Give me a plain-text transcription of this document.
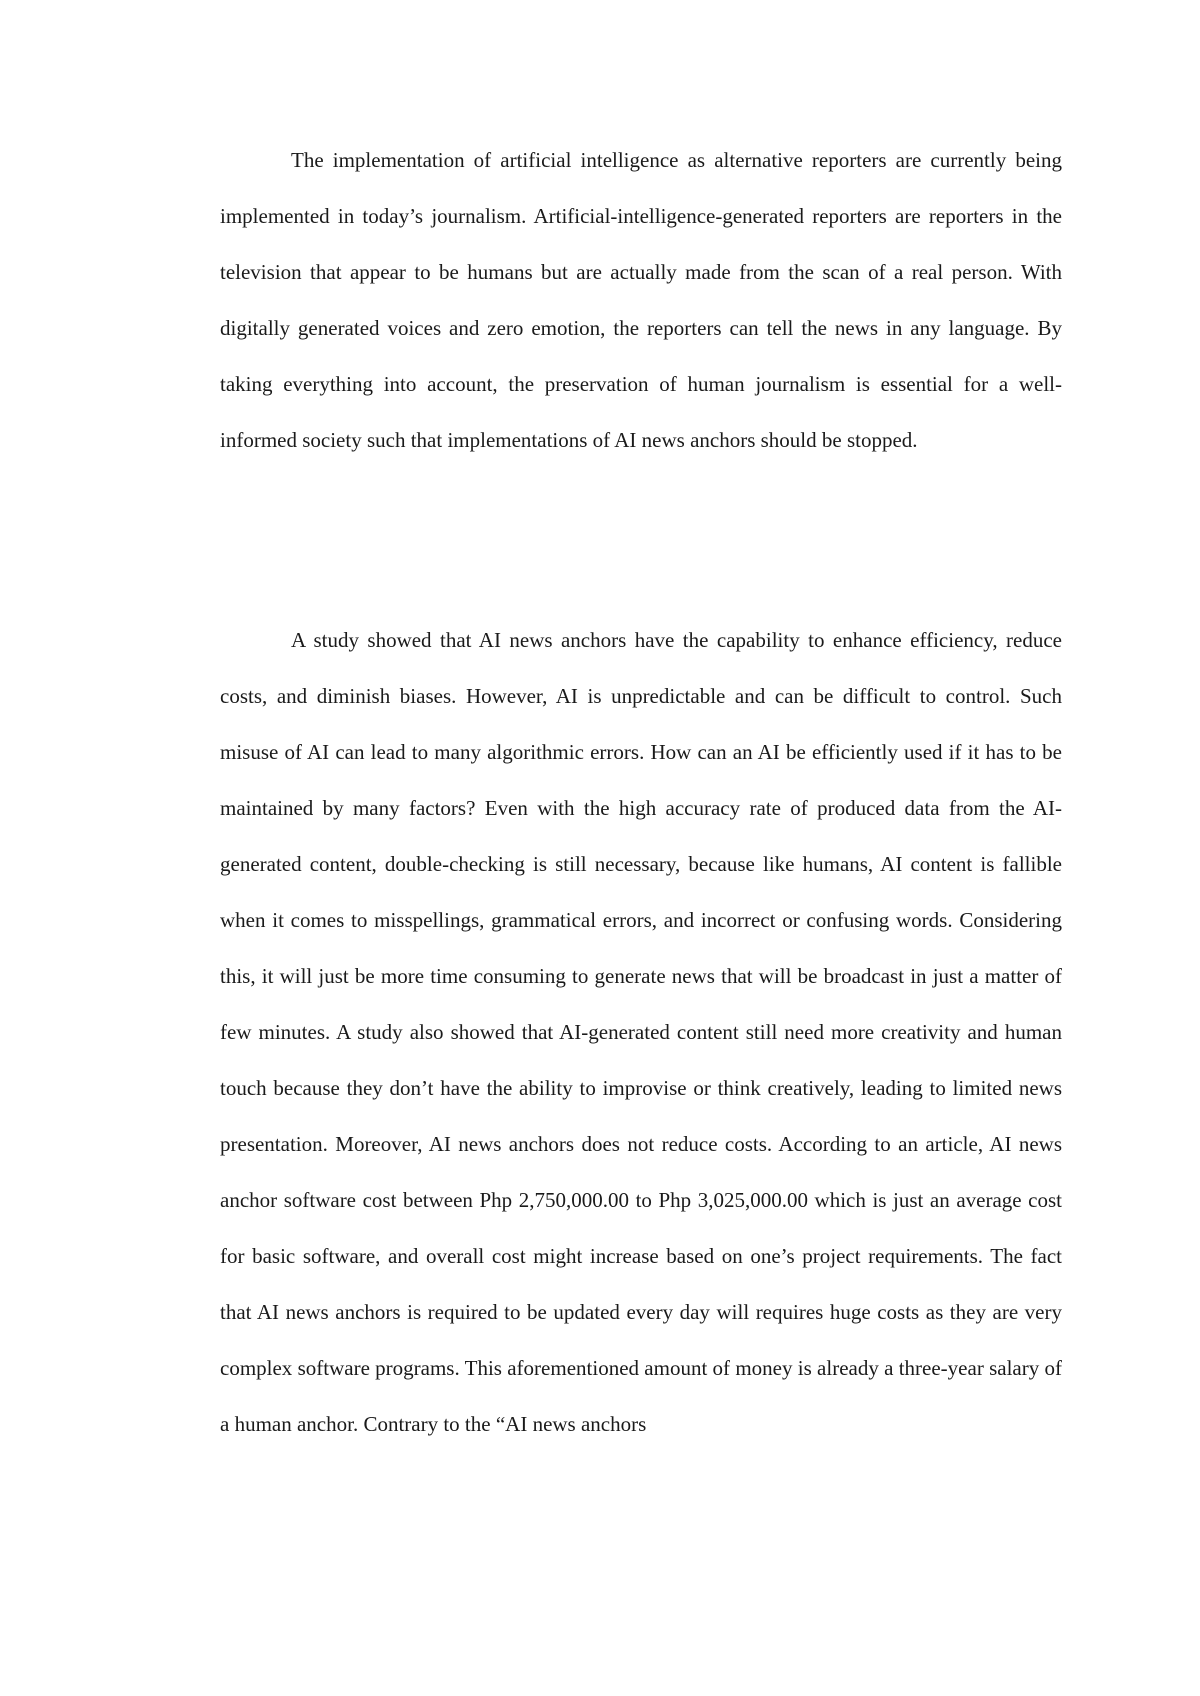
The implementation of artificial intelligence as alternative reporters are currently being implemented in today’s journalism. Artificial-intelligence-generated reporters are reporters in the television that appear to be humans but are actually made from the scan of a real person. With digitally generated voices and zero emotion, the reporters can tell the news in any language. By taking everything into account, the preservation of human journalism is essential for a well-informed society such that implementations of AI news anchors should be stopped.

A study showed that AI news anchors have the capability to enhance efficiency, reduce costs, and diminish biases. However, AI is unpredictable and can be difficult to control. Such misuse of AI can lead to many algorithmic errors. How can an AI be efficiently used if it has to be maintained by many factors? Even with the high accuracy rate of produced data from the AI-generated content, double-checking is still necessary, because like humans, AI content is fallible when it comes to misspellings, grammatical errors, and incorrect or confusing words. Considering this, it will just be more time consuming to generate news that will be broadcast in just a matter of few minutes. A study also showed that AI-generated content still need more creativity and human touch because they don’t have the ability to improvise or think creatively, leading to limited news presentation. Moreover, AI news anchors does not reduce costs. According to an article, AI news anchor software cost between Php 2,750,000.00 to Php 3,025,000.00 which is just an average cost for basic software, and overall cost might increase based on one’s project requirements. The fact that AI news anchors is required to be updated every day will requires huge costs as they are very complex software programs. This aforementioned amount of money is already a three-year salary of a human anchor. Contrary to the “AI news anchors
